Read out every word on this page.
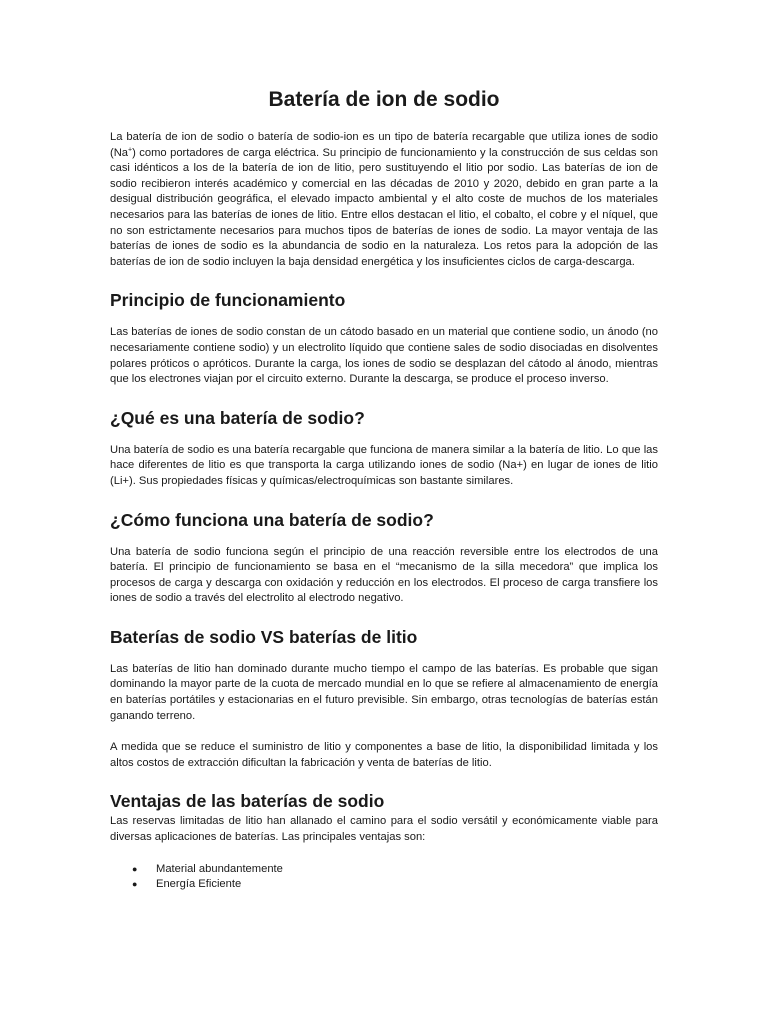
Batería de ion de sodio

La batería de ion de sodio o batería de sodio-ion es un tipo de batería recargable que utiliza iones de sodio (Na+) como portadores de carga eléctrica. Su principio de funcionamiento y la construcción de sus celdas son casi idénticos a los de la batería de ion de litio, pero sustituyendo el litio por sodio. Las baterías de ion de sodio recibieron interés académico y comercial en las décadas de 2010 y 2020, debido en gran parte a la desigual distribución geográfica, el elevado impacto ambiental y el alto coste de muchos de los materiales necesarios para las baterías de iones de litio. Entre ellos destacan el litio, el cobalto, el cobre y el níquel, que no son estrictamente necesarios para muchos tipos de baterías de iones de sodio. La mayor ventaja de las baterías de iones de sodio es la abundancia de sodio en la naturaleza. Los retos para la adopción de las baterías de ion de sodio incluyen la baja densidad energética y los insuficientes ciclos de carga-descarga.

Principio de funcionamiento

Las baterías de iones de sodio constan de un cátodo basado en un material que contiene sodio, un ánodo (no necesariamente contiene sodio) y un electrolito líquido que contiene sales de sodio disociadas en disolventes polares próticos o apróticos. Durante la carga, los iones de sodio se desplazan del cátodo al ánodo, mientras que los electrones viajan por el circuito externo. Durante la descarga, se produce el proceso inverso.

¿Qué es una batería de sodio?

Una batería de sodio es una batería recargable que funciona de manera similar a la batería de litio. Lo que las hace diferentes de litio es que transporta la carga utilizando iones de sodio (Na+) en lugar de iones de litio (Li+). Sus propiedades físicas y químicas/electroquímicas son bastante similares.

¿Cómo funciona una batería de sodio?

Una batería de sodio funciona según el principio de una reacción reversible entre los electrodos de una batería. El principio de funcionamiento se basa en el “mecanismo de la silla mecedora” que implica los procesos de carga y descarga con oxidación y reducción en los electrodos. El proceso de carga transfiere los iones de sodio a través del electrolito al electrodo negativo.

Baterías de sodio VS baterías de litio

Las baterías de litio han dominado durante mucho tiempo el campo de las baterías. Es probable que sigan dominando la mayor parte de la cuota de mercado mundial en lo que se refiere al almacenamiento de energía en baterías portátiles y estacionarias en el futuro previsible. Sin embargo, otras tecnologías de baterías están ganando terreno.

A medida que se reduce el suministro de litio y componentes a base de litio, la disponibilidad limitada y los altos costos de extracción dificultan la fabricación y venta de baterías de litio.

Ventajas de las baterías de sodio

Las reservas limitadas de litio han allanado el camino para el sodio versátil y económicamente viable para diversas aplicaciones de baterías. Las principales ventajas son:

● Material abundantemente
● Energía Eficiente
